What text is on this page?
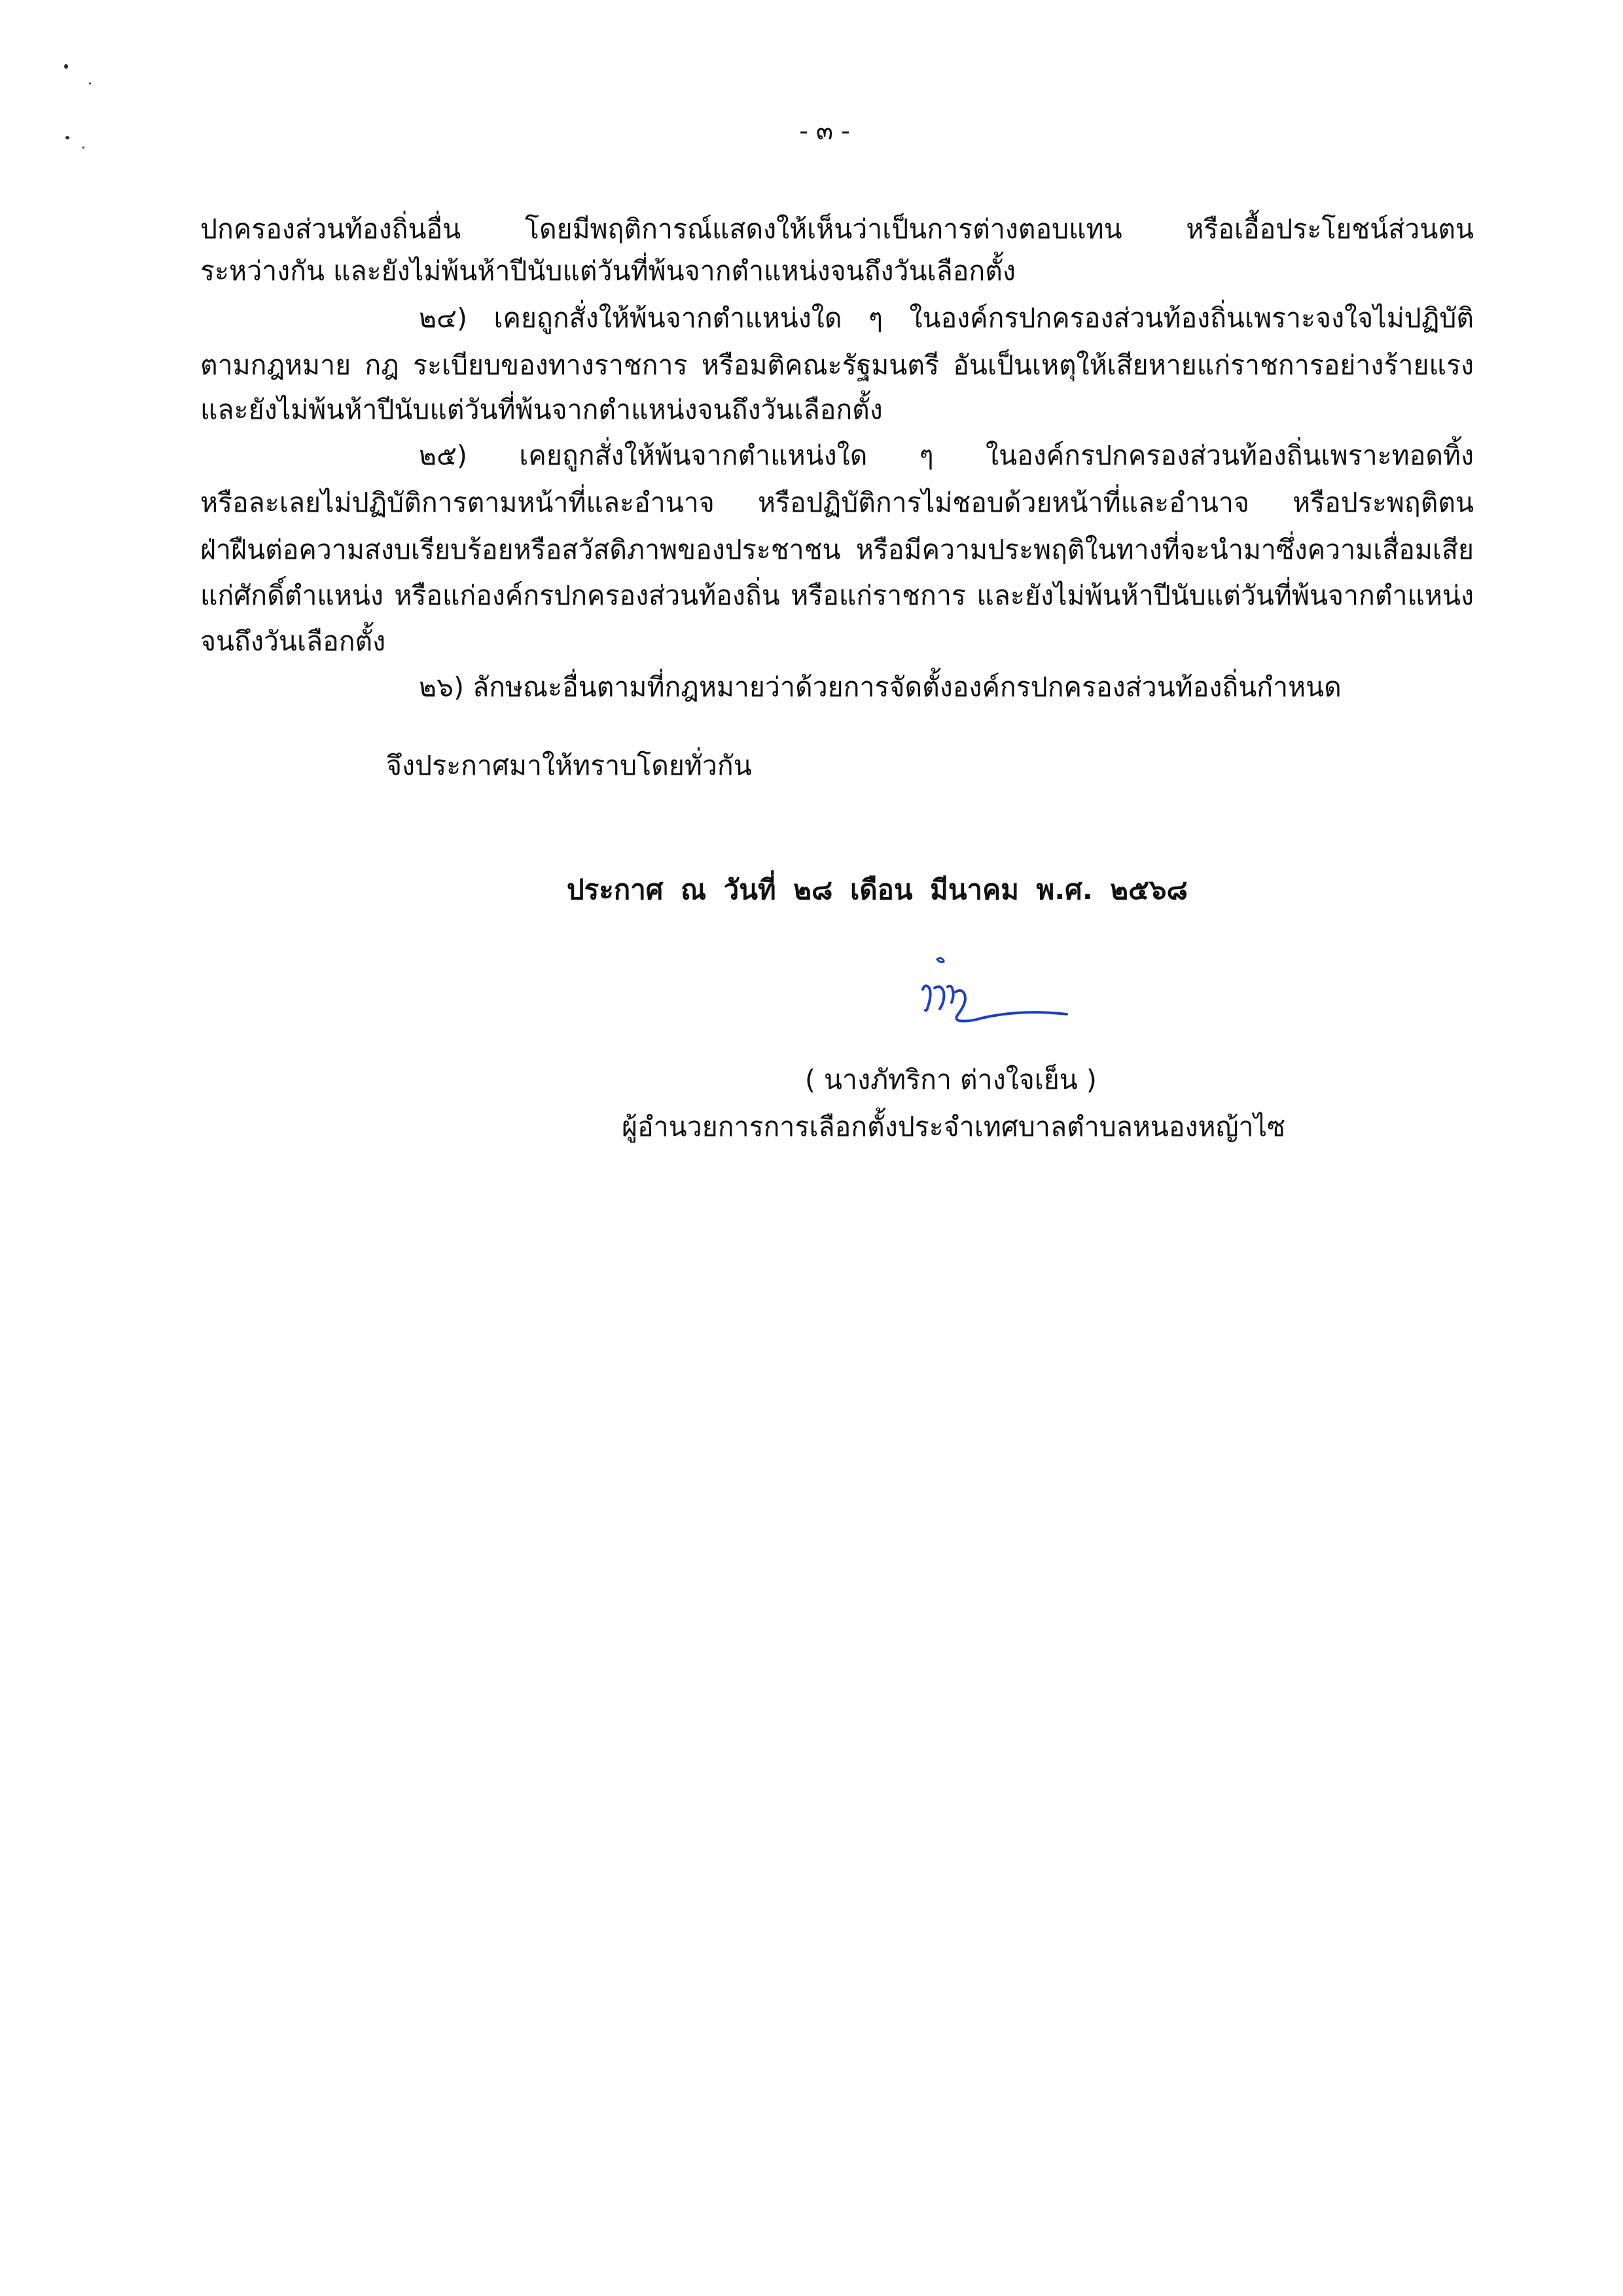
- ๓ -
ปกครองส่วนท้องถิ่นอื่น โดยมีพฤติการณ์แสดงให้เห็นว่าเป็นการต่างตอบแทน หรือเอื้อประโยชน์ส่วนตน
ระหว่างกัน และยังไม่พ้นห้าปีนับแต่วันที่พ้นจากตำแหน่งจนถึงวันเลือกตั้ง
๒๔) เคยถูกสั่งให้พ้นจากตำแหน่งใด ๆ ในองค์กรปกครองส่วนท้องถิ่นเพราะจงใจไม่ปฏิบัติ
ตามกฎหมาย กฎ ระเบียบของทางราชการ หรือมติคณะรัฐมนตรี อันเป็นเหตุให้เสียหายแก่ราชการอย่างร้ายแรง
และยังไม่พ้นห้าปีนับแต่วันที่พ้นจากตำแหน่งจนถึงวันเลือกตั้ง
๒๕) เคยถูกสั่งให้พ้นจากตำแหน่งใด ๆ ในองค์กรปกครองส่วนท้องถิ่นเพราะทอดทิ้ง
หรือละเลยไม่ปฏิบัติการตามหน้าที่และอำนาจ หรือปฏิบัติการไม่ชอบด้วยหน้าที่และอำนาจ หรือประพฤติตน
ฝ่าฝืนต่อความสงบเรียบร้อยหรือสวัสดิภาพของประชาชน หรือมีความประพฤติในทางที่จะนำมาซึ่งความเสื่อมเสีย
แก่ศักดิ์ตำแหน่ง หรือแก่องค์กรปกครองส่วนท้องถิ่น หรือแก่ราชการ และยังไม่พ้นห้าปีนับแต่วันที่พ้นจากตำแหน่ง
จนถึงวันเลือกตั้ง
๒๖) ลักษณะอื่นตามที่กฎหมายว่าด้วยการจัดตั้งองค์กรปกครองส่วนท้องถิ่นกำหนด
จึงประกาศมาให้ทราบโดยทั่วกัน
ประกาศ ณ วันที่ ๒๘ เดือน มีนาคม พ.ศ. ๒๕๖๘
( นางภัทริกา ต่างใจเย็น )
ผู้อำนวยการการเลือกตั้งประจำเทศบาลตำบลหนองหญ้าไซ
